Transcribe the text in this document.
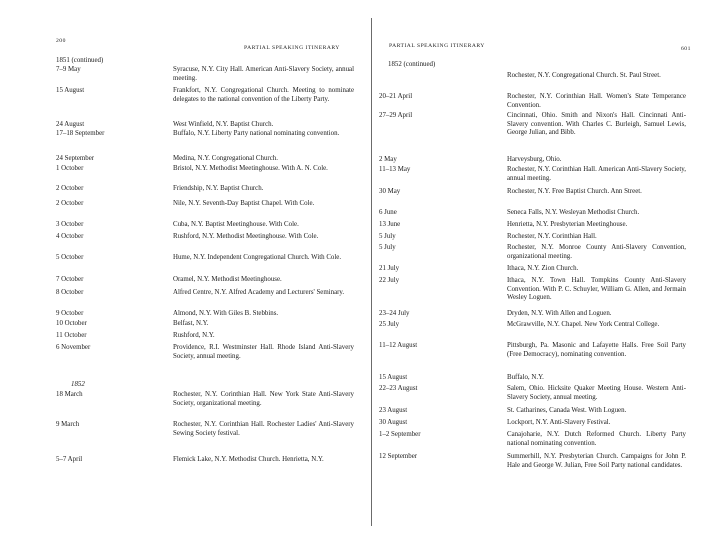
200
PARTIAL SPEAKING ITINERARY
1851 (continued)
7–9 May	Syracuse, N.Y. City Hall. American Anti-Slavery Society, annual meeting.
15 August	Frankfort, N.Y. Congregational Church. Meeting to nominate delegates to the national convention of the Liberty Party.
24 August	West Winfield, N.Y. Baptist Church.
17–18 September	Buffalo, N.Y. Liberty Party national nominating convention.
24 September	Medina, N.Y. Congregational Church.
1 October	Bristol, N.Y. Methodist Meetinghouse. With A. N. Cole.
2 October	Friendship, N.Y. Baptist Church.
2 October	Nile, N.Y. Seventh-Day Baptist Chapel. With Cole.
3 October	Cuba, N.Y. Baptist Meetinghouse. With Cole.
4 October	Rushford, N.Y. Methodist Meetinghouse. With Cole.
5 October	Hume, N.Y. Independent Congregational Church. With Cole.
7 October	Oramel, N.Y. Methodist Meetinghouse.
8 October	Alfred Centre, N.Y. Alfred Academy and Lecturers' Seminary.
9 October	Almond, N.Y. With Giles B. Stebbins.
10 October	Belfast, N.Y.
11 October	Rushford, N.Y.
6 November	Providence, R.I. Westminster Hall. Rhode Island Anti-Slavery Society, annual meeting.
1852
18 March	Rochester, N.Y. Corinthian Hall. New York State Anti-Slavery Society, organizational meeting.
9 March	Rochester, N.Y. Corinthian Hall. Rochester Ladies' Anti-Slavery Sewing Society festival.
5–7 April	Flemick Lake, N.Y. Methodist Church. Henrietta, N.Y.
PARTIAL SPEAKING ITINERARY	601
1852 (continued)
Rochester, N.Y. Congregational Church. St. Paul Street.
20–21 April	Rochester, N.Y. Corinthian Hall. Women's State Temperance Convention.
27–29 April	Cincinnati, Ohio. Smith and Nixon's Hall. Cincinnati Anti-Slavery convention. With Charles C. Burleigh, Samuel Lewis, George Julian, and Bibb.
2 May	Harveysburg, Ohio.
11–13 May	Rochester, N.Y. Corinthian Hall. American Anti-Slavery Society, annual meeting.
30 May	Rochester, N.Y. Free Baptist Church. Ann Street.
6 June	Seneca Falls, N.Y. Wesleyan Methodist Church.
13 June	Henrietta, N.Y. Presbyterian Meetinghouse.
5 July	Rochester, N.Y. Corinthian Hall.
5 July	Rochester, N.Y. Monroe County Anti-Slavery Convention, organizational meeting.
21 July	Ithaca, N.Y. Zion Church.
22 July	Ithaca, N.Y. Town Hall. Tompkins County Anti-Slavery Convention. With P. C. Schuyler, William G. Allen, and Jermain Wesley Loguen.
23–24 July	Dryden, N.Y. With Allen and Loguen.
25 July	McGrawville, N.Y. Chapel. New York Central College.
11–12 August	Pittsburgh, Pa. Masonic and Lafayette Halls. Free Soil Party (Free Democracy), nominating convention.
15 August	Buffalo, N.Y.
22–23 August	Salem, Ohio. Hicksite Quaker Meeting House. Western Anti-Slavery Society, annual meeting.
23 August	St. Catharines, Canada West. With Loguen.
30 August	Lockport, N.Y. Anti-Slavery Festival.
1–2 September	Canajoharie, N.Y. Dutch Reformed Church. Liberty Party national nominating convention.
12 September	Summerhill, N.Y. Presbyterian Church. Campaigns for John P. Hale and George W. Julian, Free Soil Party national candidates.
